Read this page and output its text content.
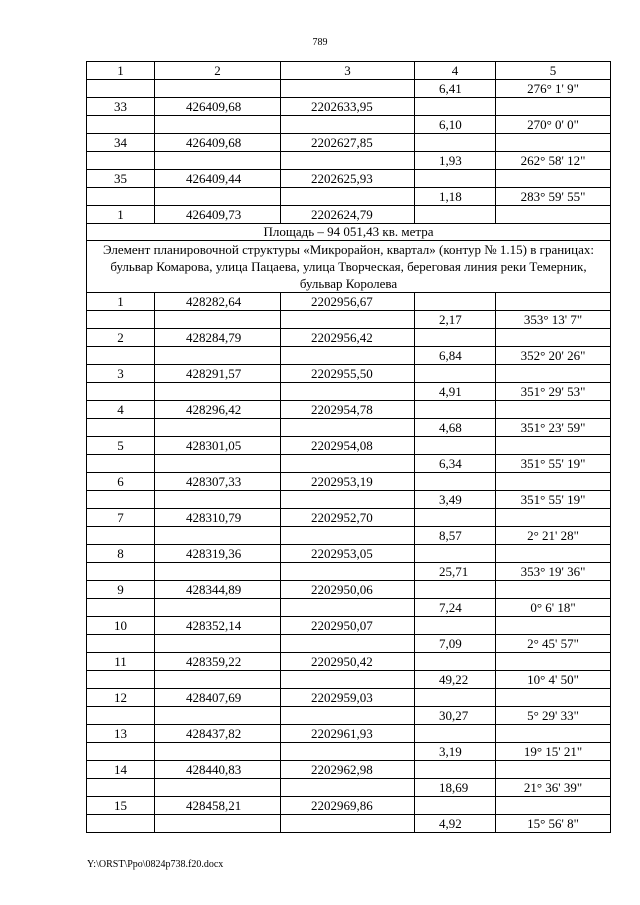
789
1	2	3	4	5
			6,41	276° 1' 9"
33	426409,68	2202633,95		
			6,10	270° 0' 0"
34	426409,68	2202627,85		
			1,93	262° 58' 12"
35	426409,44	2202625,93		
			1,18	283° 59' 55"
1	426409,73	2202624,79		
Площадь – 94 051,43 кв. метра				
Элемент планировочной структуры «Микрорайон, квартал» (контур № 1.15) в границах: бульвар Комарова, улица Пацаева, улица Творческая, береговая линия реки Темерник, бульвар Королева				
1	428282,64	2202956,67		
			2,17	353° 13' 7"
2	428284,79	2202956,42		
			6,84	352° 20' 26"
3	428291,57	2202955,50		
			4,91	351° 29' 53"
4	428296,42	2202954,78		
			4,68	351° 23' 59"
5	428301,05	2202954,08		
			6,34	351° 55' 19"
6	428307,33	2202953,19		
			3,49	351° 55' 19"
7	428310,79	2202952,70		
			8,57	2° 21' 28"
8	428319,36	2202953,05		
			25,71	353° 19' 36"
9	428344,89	2202950,06		
			7,24	0° 6' 18"
10	428352,14	2202950,07		
			7,09	2° 45' 57"
11	428359,22	2202950,42		
			49,22	10° 4' 50"
12	428407,69	2202959,03		
			30,27	5° 29' 33"
13	428437,82	2202961,93		
			3,19	19° 15' 21"
14	428440,83	2202962,98		
			18,69	21° 36' 39"
15	428458,21	2202969,86		
			4,92	15° 56' 8"
Y:\ORST\Ppo\0824p738.f20.docx
